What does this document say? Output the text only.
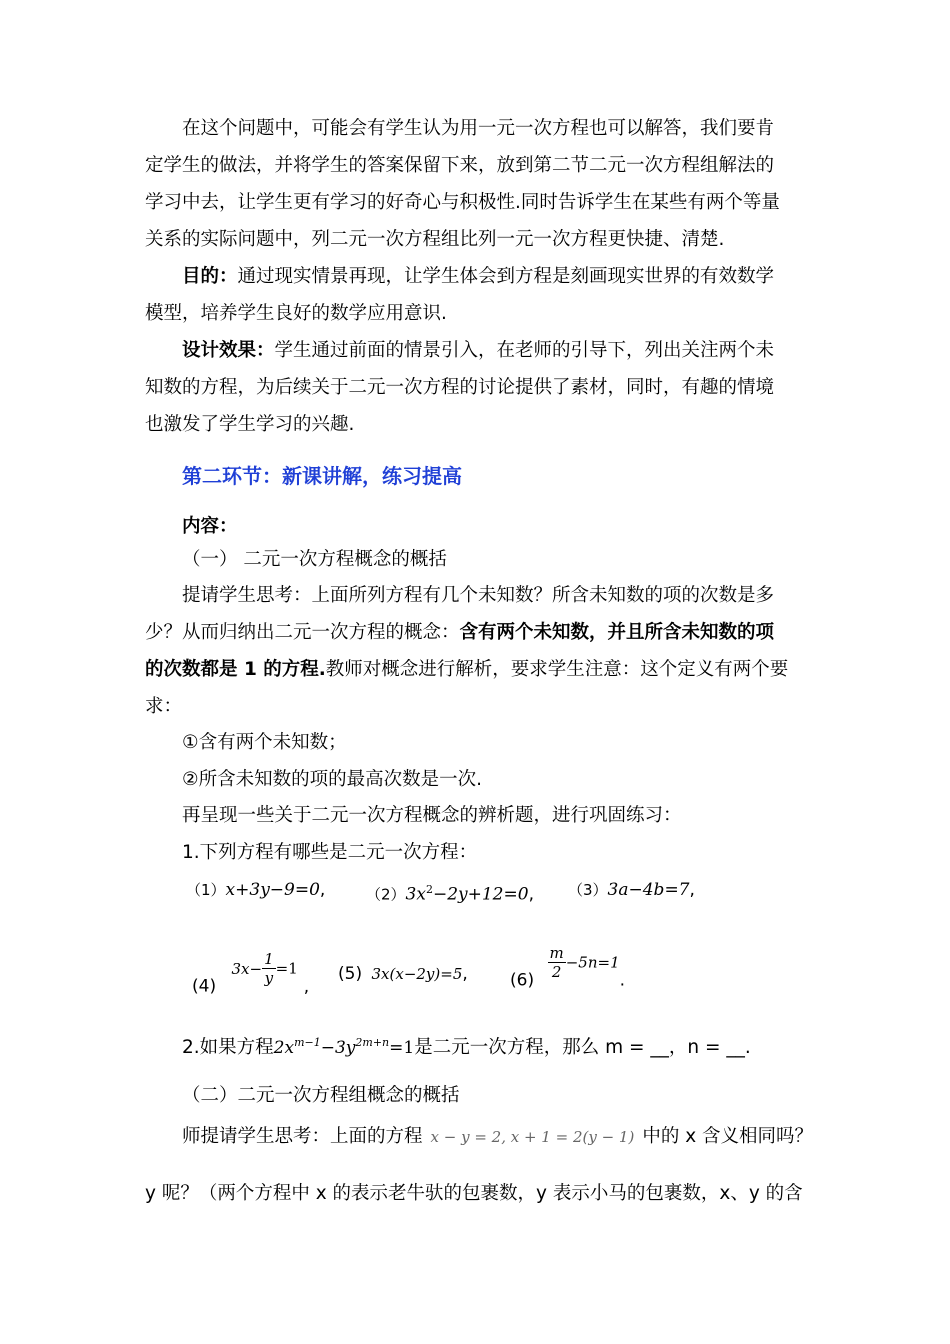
在这个问题中，可能会有学生认为用一元一次方程也可以解答，我们要肯
定学生的做法，并将学生的答案保留下来，放到第二节二元一次方程组解法的
学习中去，让学生更有学习的好奇心与积极性.同时告诉学生在某些有两个等量
关系的实际问题中，列二元一次方程组比列一元一次方程更快捷、清楚.
目的：通过现实情景再现，让学生体会到方程是刻画现实世界的有效数学
模型，培养学生良好的数学应用意识.
设计效果：学生通过前面的情景引入，在老师的引导下，列出关注两个未
知数的方程，为后续关于二元一次方程的讨论提供了素材，同时，有趣的情境
也激发了学生学习的兴趣.
第二环节：新课讲解，练习提高
内容：
（一） 二元一次方程概念的概括
提请学生思考：上面所列方程有几个未知数？所含未知数的项的次数是多
少？从而归纳出二元一次方程的概念：含有两个未知数，并且所含未知数的项
的次数都是 1 的方程.教师对概念进行解析，要求学生注意：这个定义有两个要
求：
①含有两个未知数；
②所含未知数的项的最高次数是一次.
再呈现一些关于二元一次方程概念的辨析题，进行巩固练习：
1.下列方程有哪些是二元一次方程：
（1）x+3y−9=0,	$(2)3x^2-2y+12=0$, （3）3a−4b=7,
(4) $3x- \frac{1}{y} =1$,
(5) 3x(x−2y)=5, $(6) \frac{m}{2} -5n=1$.
2.如果方程$2x^{m-1}-3y^{2m+n}=1$是二元一次方程，那么 m = __，n = __.
（二）二元一次方程组概念的概括
师提请学生思考：上面的方程 x − y = 2, x + 1 = 2(y − 1) 中的 x 含义相同吗？
y 呢？（两个方程中 x 的表示老牛驮的包裹数，y 表示小马的包裹数，x、y 的含
